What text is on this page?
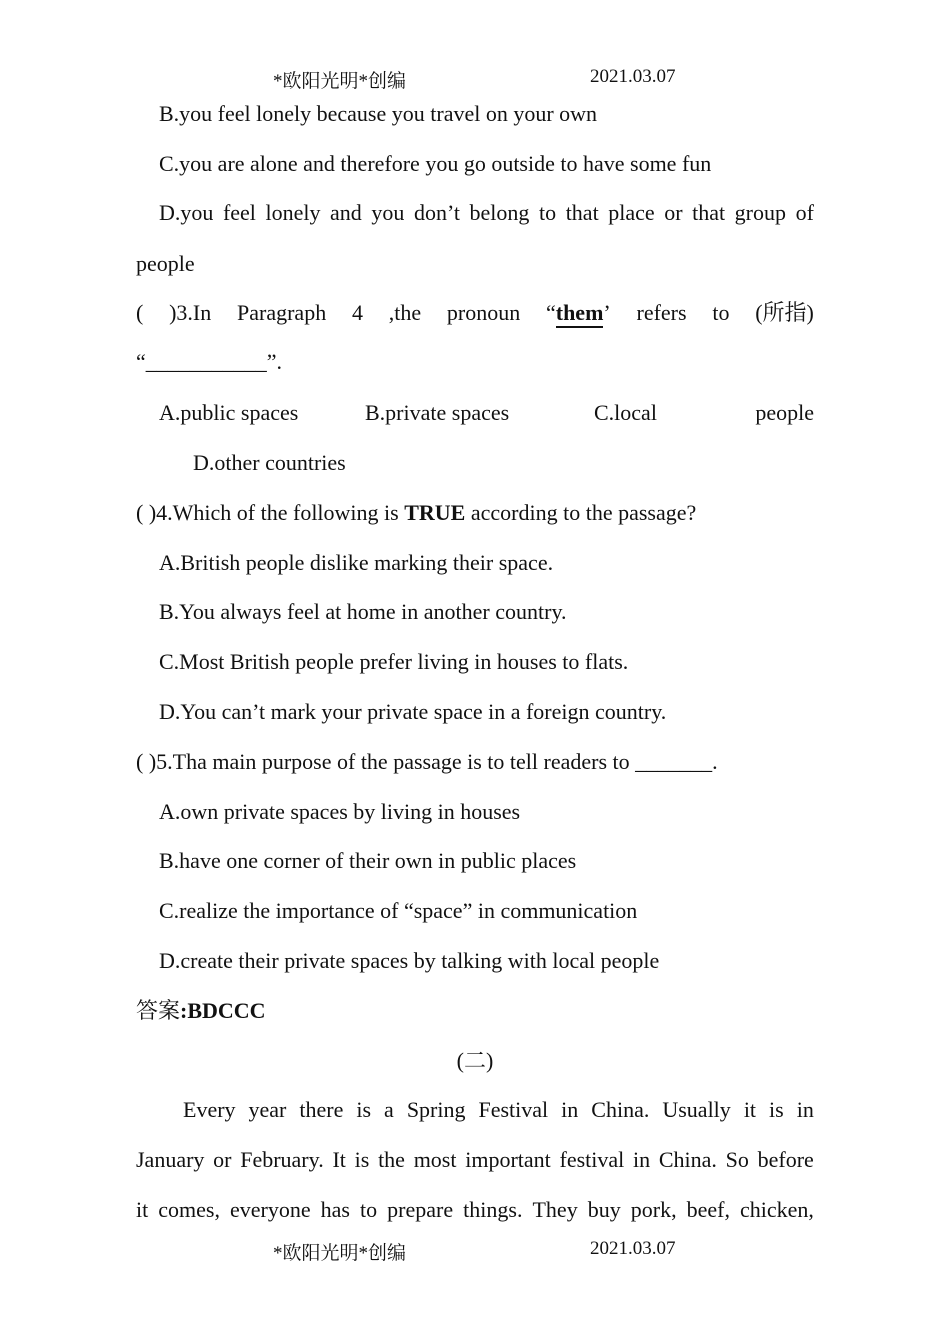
*欧阳光明*创编	2021.03.07
B.you feel lonely because you travel on your own
C.you are alone and therefore you go outside to have some fun
D.you feel lonely and you don’t belong to that place or that group of
people
( )3.In Paragraph 4 ,the pronoun “them’ refers to (所指)
“___________”.
A.public spaces	B.private spaces	C.local	people
D.other countries
( )4.Which of the following is TRUE according to the passage?
A.British people dislike marking their space.
B.You always feel at home in another country.
C.Most British people prefer living in houses to flats.
D.You can’t mark your private space in a foreign country.
( )5.Tha main purpose of the passage is to tell readers to _______.
A.own private spaces by living in houses
B.have one corner of their own in public places
C.realize the importance of “space” in communication
D.create their private spaces by talking with local people
答案:BDCCC
(二)
Every year there is a Spring Festival in China. Usually it is in
January or February. It is the most important festival in China. So before
it comes, everyone has to prepare things. They buy pork, beef, chicken,
*欧阳光明*创编	2021.03.07
